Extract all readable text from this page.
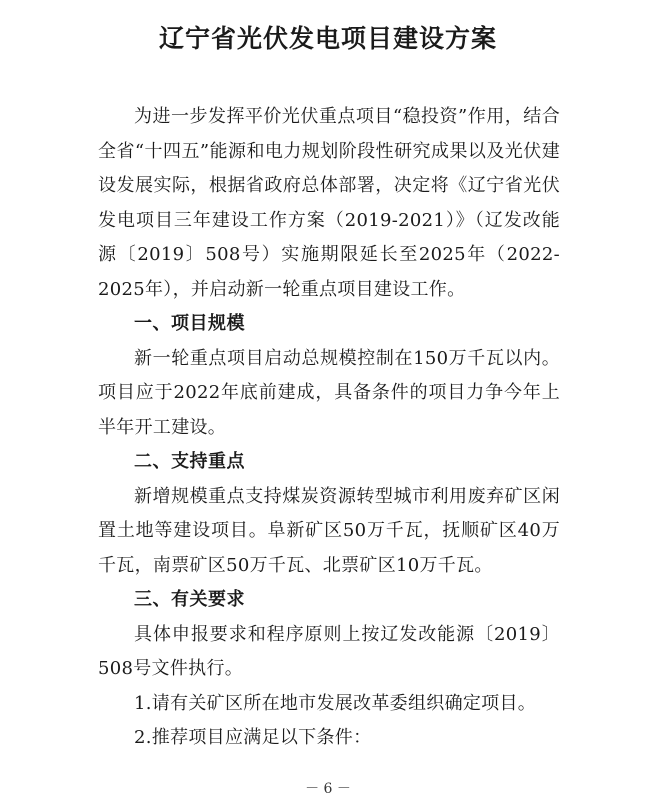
辽宁省光伏发电项目建设方案

为进一步发挥平价光伏重点项目“稳投资”作用，结合全省“十四五”能源和电力规划阶段性研究成果以及光伏建设发展实际，根据省政府总体部署，决定将《辽宁省光伏发电项目三年建设工作方案（2019-2021）》（辽发改能源〔2019〕508号）实施期限延长至2025年（2022-2025年），并启动新一轮重点项目建设工作。

一、项目规模

新一轮重点项目启动总规模控制在150万千瓦以内。项目应于2022年底前建成，具备条件的项目力争今年上半年开工建设。

二、支持重点

新增规模重点支持煤炭资源转型城市利用废弃矿区闲置土地等建设项目。阜新矿区50万千瓦，抚顺矿区40万千瓦，南票矿区50万千瓦、北票矿区10万千瓦。

三、有关要求

具体申报要求和程序原则上按辽发改能源〔2019〕508号文件执行。

1.请有关矿区所在地市发展改革委组织确定项目。

2.推荐项目应满足以下条件：

－ 6 －
